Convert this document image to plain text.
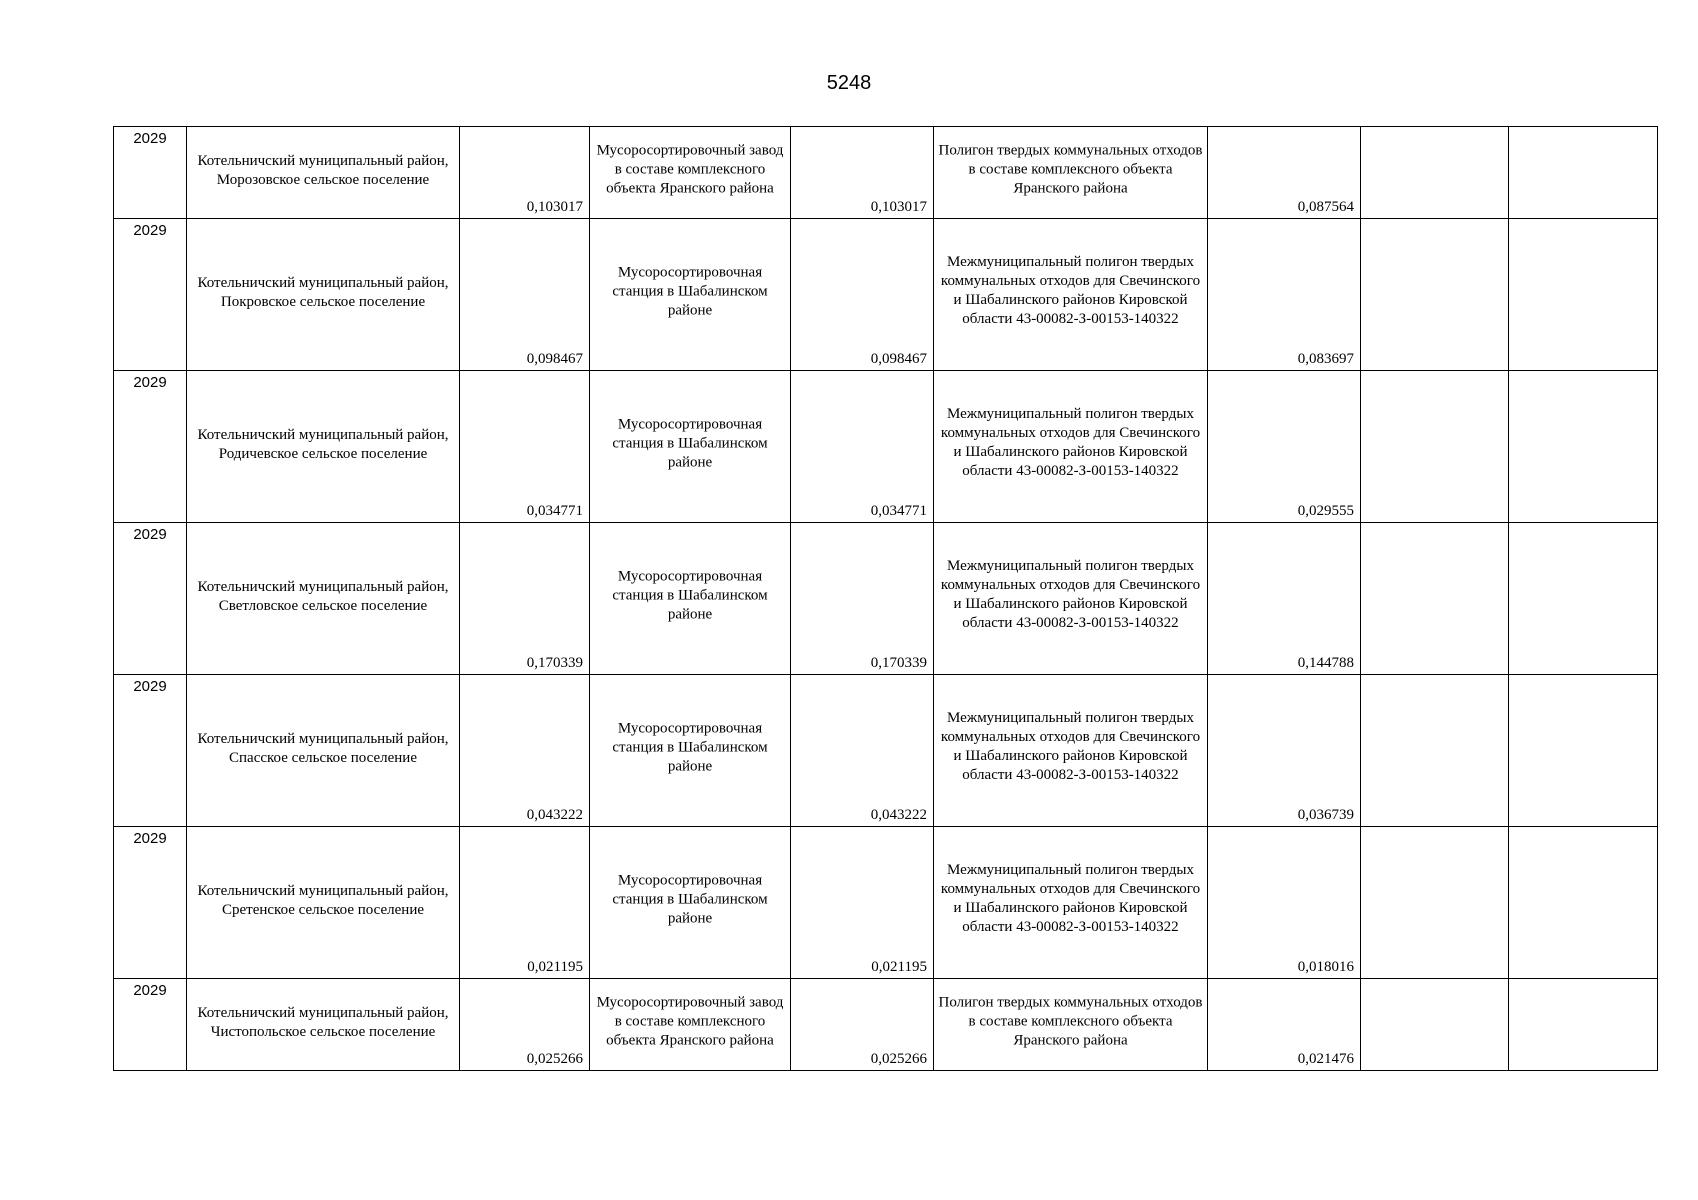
5248
2029	Котельничский муниципальный район, Морозовское сельское поселение	0,103017	Мусоросортировочный завод в составе комплексного объекта Яранского района	0,103017	Полигон твердых коммунальных отходов в составе комплексного объекта Яранского района	0,087564		

2029	Котельничский муниципальный район, Покровское сельское поселение	0,098467	Мусоросортировочная станция в Шабалинском районе	0,098467	Межмуниципальный полигон твердых коммунальных отходов для Свечинского и Шабалинского районов Кировской области 43-00082-З-00153-140322	0,083697		

2029	Котельничский муниципальный район, Родичевское сельское поселение	0,034771	Мусоросортировочная станция в Шабалинском районе	0,034771	Межмуниципальный полигон твердых коммунальных отходов для Свечинского и Шабалинского районов Кировской области 43-00082-З-00153-140322	0,029555		

2029	Котельничский муниципальный район, Светловское сельское поселение	0,170339	Мусоросортировочная станция в Шабалинском районе	0,170339	Межмуниципальный полигон твердых коммунальных отходов для Свечинского и Шабалинского районов Кировской области 43-00082-З-00153-140322	0,144788		

2029	Котельничский муниципальный район, Спасское сельское поселение	0,043222	Мусоросортировочная станция в Шабалинском районе	0,043222	Межмуниципальный полигон твердых коммунальных отходов для Свечинского и Шабалинского районов Кировской области 43-00082-З-00153-140322	0,036739		

2029	Котельничский муниципальный район, Сретенское сельское поселение	0,021195	Мусоросортировочная станция в Шабалинском районе	0,021195	Межмуниципальный полигон твердых коммунальных отходов для Свечинского и Шабалинского районов Кировской области 43-00082-З-00153-140322	0,018016		

2029	Котельничский муниципальный район, Чистопольское сельское поселение	0,025266	Мусоросортировочный завод в составе комплексного объекта Яранского района	0,025266	Полигон твердых коммунальных отходов в составе комплексного объекта Яранского района	0,021476		
